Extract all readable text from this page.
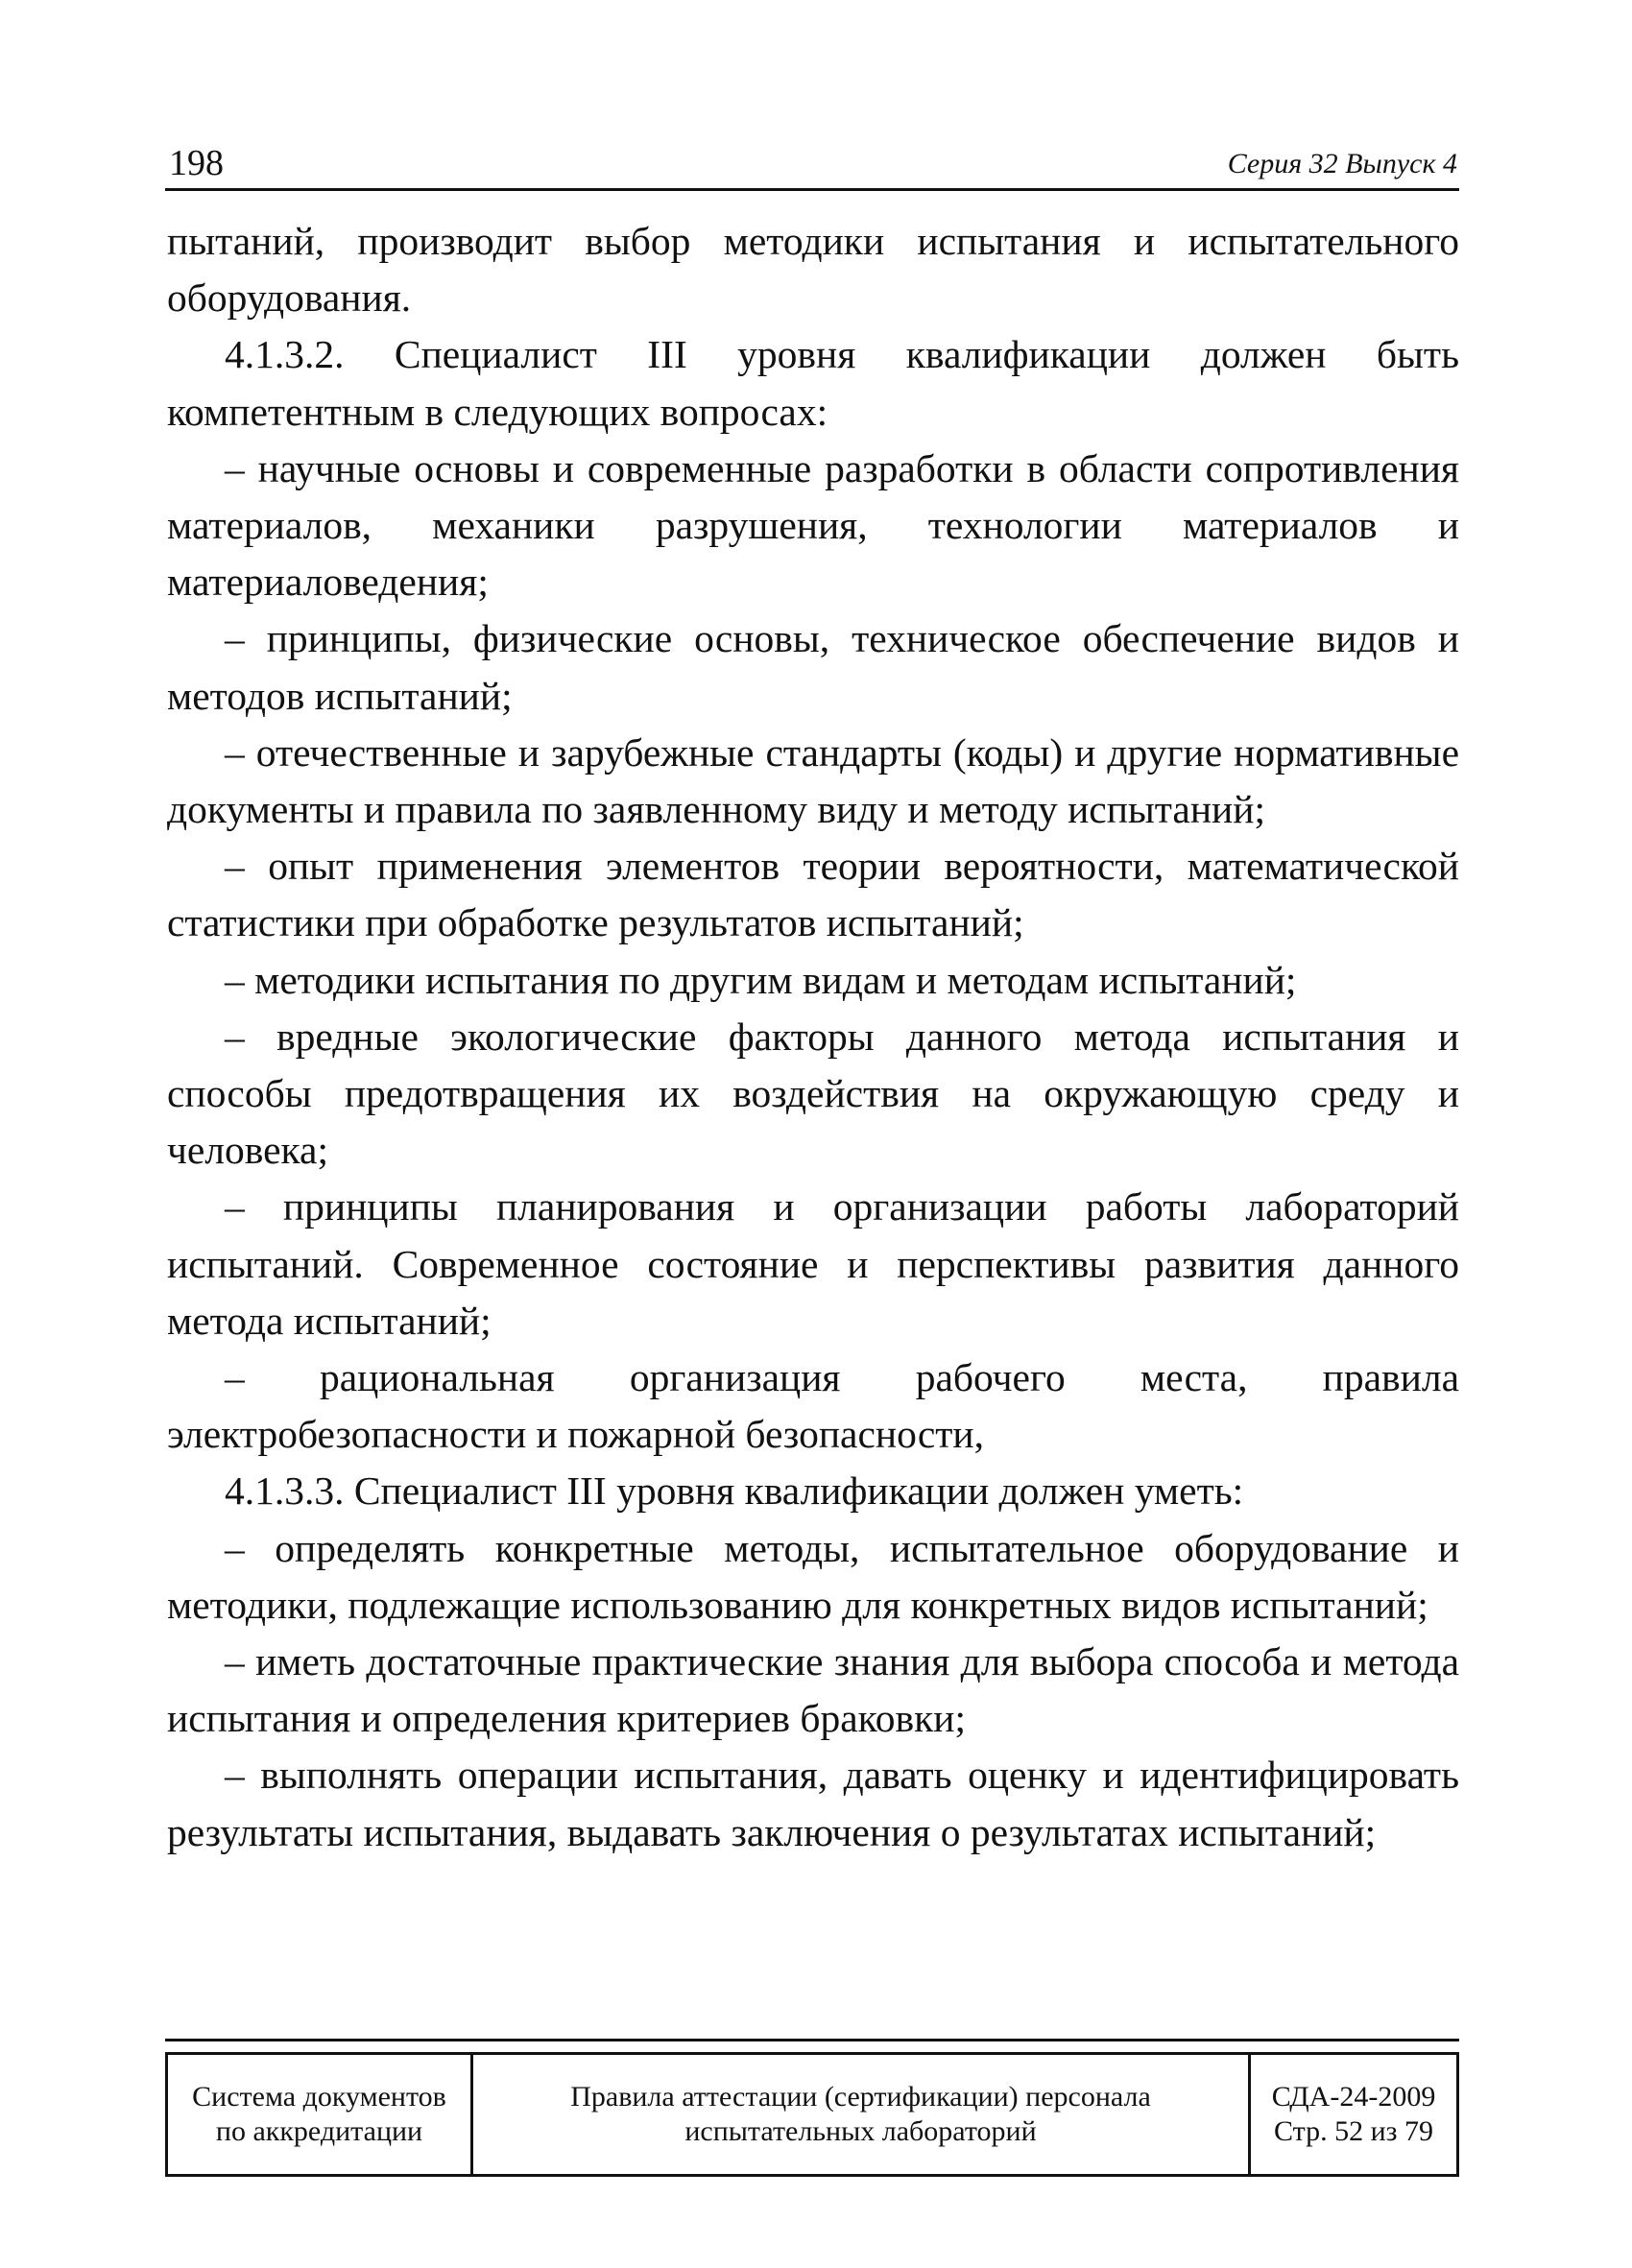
198	Серия 32 Выпуск 4

пытаний, производит выбор методики испытания и испытательного оборудования.

4.1.3.2. Специалист III уровня квалификации должен быть компетентным в следующих вопросах:

– научные основы и современные разработки в области сопротивления материалов, механики разрушения, технологии материалов и материаловедения;

– принципы, физические основы, техническое обеспечение видов и методов испытаний;

– отечественные и зарубежные стандарты (коды) и другие нормативные документы и правила по заявленному виду и методу испытаний;

– опыт применения элементов теории вероятности, математической статистики при обработке результатов испытаний;

– методики испытания по другим видам и методам испытаний;

– вредные экологические факторы данного метода испытания и способы предотвращения их воздействия на окружающую среду и человека;

– принципы планирования и организации работы лабораторий испытаний. Современное состояние и перспективы развития данного метода испытаний;

– рациональная организация рабочего места, правила электробезопасности и пожарной безопасности,

4.1.3.3. Специалист III уровня квалификации должен уметь:

– определять конкретные методы, испытательное оборудование и методики, подлежащие использованию для конкретных видов испытаний;

– иметь достаточные практические знания для выбора способа и метода испытания и определения критериев браковки;

– выполнять операции испытания, давать оценку и идентифицировать результаты испытания, выдавать заключения о результатах испытаний;

Система документов
по аккредитации
Правила аттестации (сертификации) персонала
испытательных лабораторий
СДА-24-2009
Стр. 52 из 79
